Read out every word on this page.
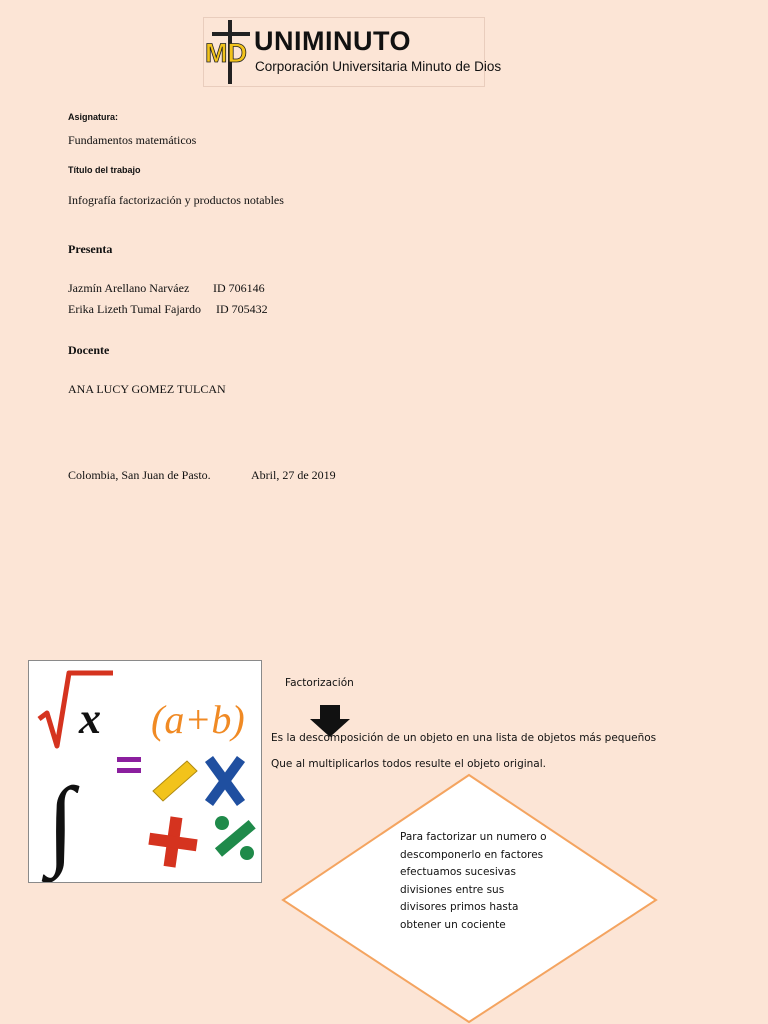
MD UNIMINUTO
Corporación Universitaria Minuto de Dios
Asignatura:
Fundamentos matemáticos
Título del trabajo
Infografía factorización y productos notables
Presenta
Jazmín Arellano Narváez ID 706146
Erika Lizeth Tumal Fajardo ID 705432
Docente
ANA LUCY GOMEZ TULCAN
Colombia, San Juan de Pasto.	Abril, 27 de 2019
x (a+b)
∫
Factorización
Es la descomposición de un objeto en una lista de objetos más pequeños
Que al multiplicarlos todos resulte el objeto original.
Para factorizar un numero o descomponerlo en factores efectuamos sucesivas divisiones entre sus divisores primos hasta obtener un cociente
